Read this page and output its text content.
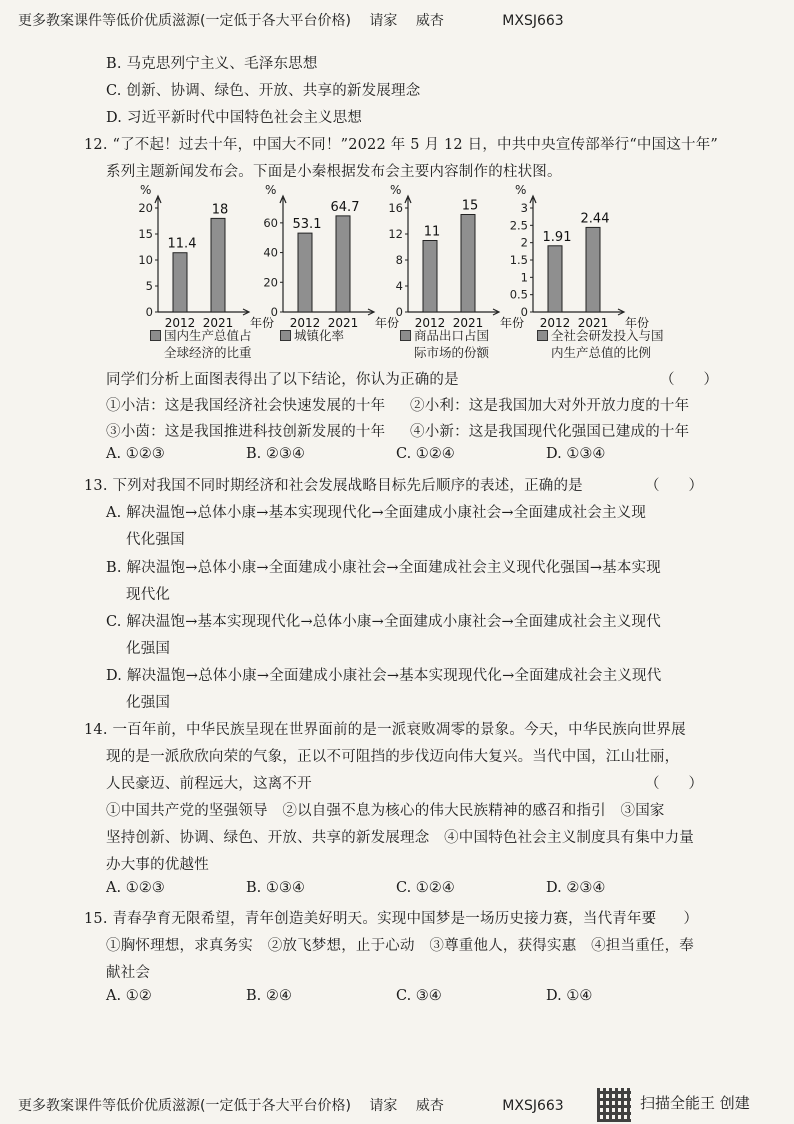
更多教案课件等低价优质滋源(一定低于各大平台价格) 请家 威杏	MXSJ663
B. 马克思列宁主义、毛泽东思想
C. 创新、协调、绿色、开放、共享的新发展理念
D. 习近平新时代中国特色社会主义思想
12. “了不起！过去十年，中国大不同！”2022 年 5 月 12 日，中共中央宣传部举行“中国这十年”
系列主题新闻发布会。下面是小秦根据发布会主要内容制作的柱状图。
%
0
5
10
15
20
11.4
2012
18
2021 年份
%
0
20
40
60 53.1
2012
64.7
2021 年份
%
0
4
8
12
16
11
2012
15
2021 年份
%
0
0.5
1
1.5
2
2.5
3
1.91
2012
2.44
2021 年份
国内生产总值占
全球经济的比重
城镇化率	商品出口占国
际市场的份额
全社会研发投入与国
内生产总值的比例
同学们分析上面图表得出了以下结论，你认为正确的是	（　　）
①小洁：这是我国经济社会快速发展的十年 ②小利：这是我国加大对外开放力度的十年
③小茵：这是我国推进科技创新发展的十年 ④小新：这是我国现代化强国已建成的十年
A. ①②③	B. ②③④	C. ①②④	D. ①③④
13. 下列对我国不同时期经济和社会发展战略目标先后顺序的表述，正确的是	（　　）
A. 解决温饱→总体小康→基本实现现代化→全面建成小康社会→全面建成社会主义现
代化强国
B. 解决温饱→总体小康→全面建成小康社会→全面建成社会主义现代化强国→基本实现
现代化
C. 解决温饱→基本实现现代化→总体小康→全面建成小康社会→全面建成社会主义现代
化强国
D. 解决温饱→总体小康→全面建成小康社会→基本实现现代化→全面建成社会主义现代
化强国
14. 一百年前，中华民族呈现在世界面前的是一派衰败凋零的景象。今天，中华民族向世界展
现的是一派欣欣向荣的气象，正以不可阻挡的步伐迈向伟大复兴。当代中国，江山壮丽，
人民豪迈、前程远大，这离不开	（　　）
①中国共产党的坚强领导　②以自强不息为核心的伟大民族精神的感召和指引　③国家
坚持创新、协调、绿色、开放、共享的新发展理念　④中国特色社会主义制度具有集中力量
办大事的优越性
A. ①②③	B. ①③④	C. ①②④	D. ②③④
15. 青春孕育无限希望，青年创造美好明天。实现中国梦是一场历史接力赛，当代青年要
（　　）
①胸怀理想，求真务实　②放飞梦想，止于心动　③尊重他人，获得实惠　④担当重任，奉
献社会
A. ①②	B. ②④	C. ③④	D. ①④
更多教案课件等低价优质滋源(一定低于各大平台价格) 请家 威杏	MXSJ663	扫描全能王 创建
